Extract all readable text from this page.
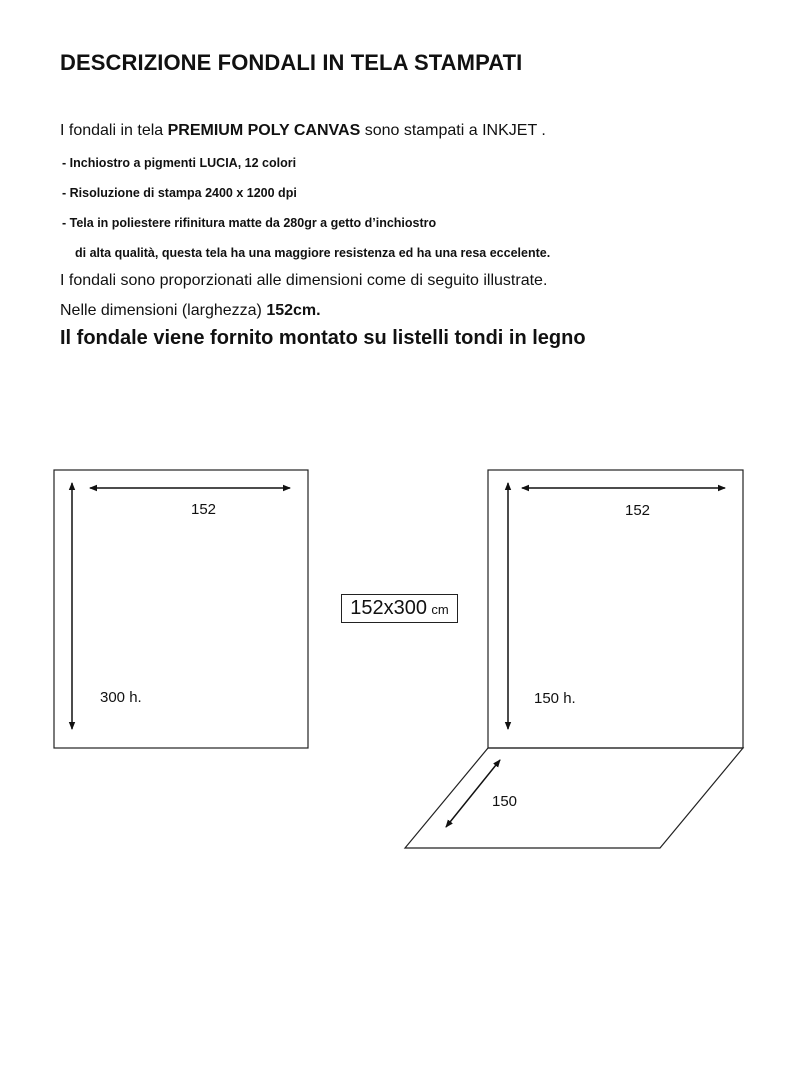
DESCRIZIONE FONDALI IN TELA STAMPATI
I fondali in tela PREMIUM POLY CANVAS sono stampati a INKJET .
- Inchiostro a pigmenti LUCIA, 12 colori
- Risoluzione di stampa 2400 x 1200 dpi
- Tela in poliestere rifinitura matte da 280gr a getto d’inchiostro
di alta qualità, questa tela ha una maggiore resistenza ed ha una resa eccelente.
I fondali sono proporzionati alle dimensioni come di seguito illustrate.
Nelle dimensioni (larghezza) 152cm.
Il fondale viene fornito montato su listelli tondi in legno
152
300 h.
152
150 h.
150
152x300 cm
